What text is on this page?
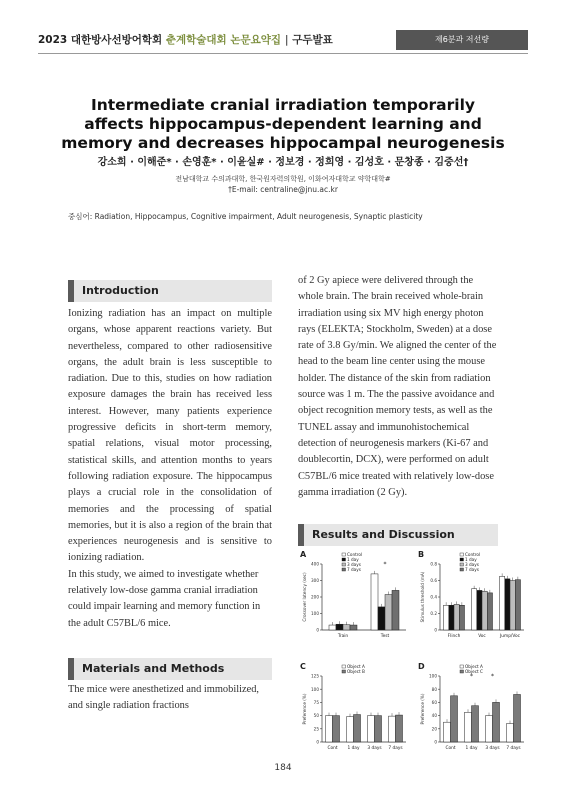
2023 대한방사선방어학회 춘계학술대회 논문요약집 | 구두발표	제6분과 저선량
Intermediate cranial irradiation temporarily affects hippocampus-dependent learning and memory and decreases hippocampal neurogenesis
강소희 · 이해준* · 손영훈* · 이윤실# · 정보경 · 정희영 · 김성호 · 문창종 · 김중선†
전남대학교 수의과대학, 한국원자력의학원, 이화여자대학교 약학대학#
†E-mail: centraline@jnu.ac.kr
중심어: Radiation, Hippocampus, Cognitive impairment, Adult neurogenesis, Synaptic plasticity
Introduction

Ionizing radiation has an impact on multiple organs, whose apparent reactions variety. But nevertheless, compared to other radiosensitive organs, the adult brain is less susceptible to radiation. Due to this, studies on how radiation exposure damages the brain has received less interest. However, many patients experience progressive deficits in short-term memory, spatial relations, visual motor processing, statistical skills, and attention months to years following radiation exposure. The hippocampus plays a crucial role in the consolidation of memories and the processing of spatial memories, but it is also a region of the brain that experiences neurogenesis and is sensitive to ionizing radiation.

In this study, we aimed to investigate whether relatively low-dose gamma cranial irradiation could impair learning and memory function in the adult C57BL/6 mice.

Materials and Methods

The mice were anesthetized and immobilized, and single radiation fractions

of 2 Gy apiece were delivered through the whole brain. The brain received whole-brain irradiation using six MV high energy photon rays (ELEKTA; Stockholm, Sweden) at a dose rate of 3.8 Gy/min. We aligned the center of the head to the beam line center using the mouse holder. The distance of the skin from radiation source was 1 m. The the passive avoidance and object recognition memory tests, as well as the TUNEL assay and immunohistochemical detection of neurogenesis markers (Ki-67 and doublecortin, DCX), were performed on adult C57BL/6 mice treated with relatively low-dose gamma irradiation (2 Gy).

Results and Discussion
A
0
100
200
300
400
Crossover latency (sec)
Train	Test
Control
1 day
3 days
7 days
*
B
0
0.2
0.4
0.6
0.8
Stimulus threshold (mA)
Flinch	Voc	Jump/Voc
Control
1 day
3 days
7 days
C
0
25
50
75
100
125
Preference (%)
Cont 1 day 3 days 7 days
Object A
Object B
D
0
20
40
60
80
100
Preference (%)
Cont 1 day 3 days 7 days
Object A
Object C
*	*
184
